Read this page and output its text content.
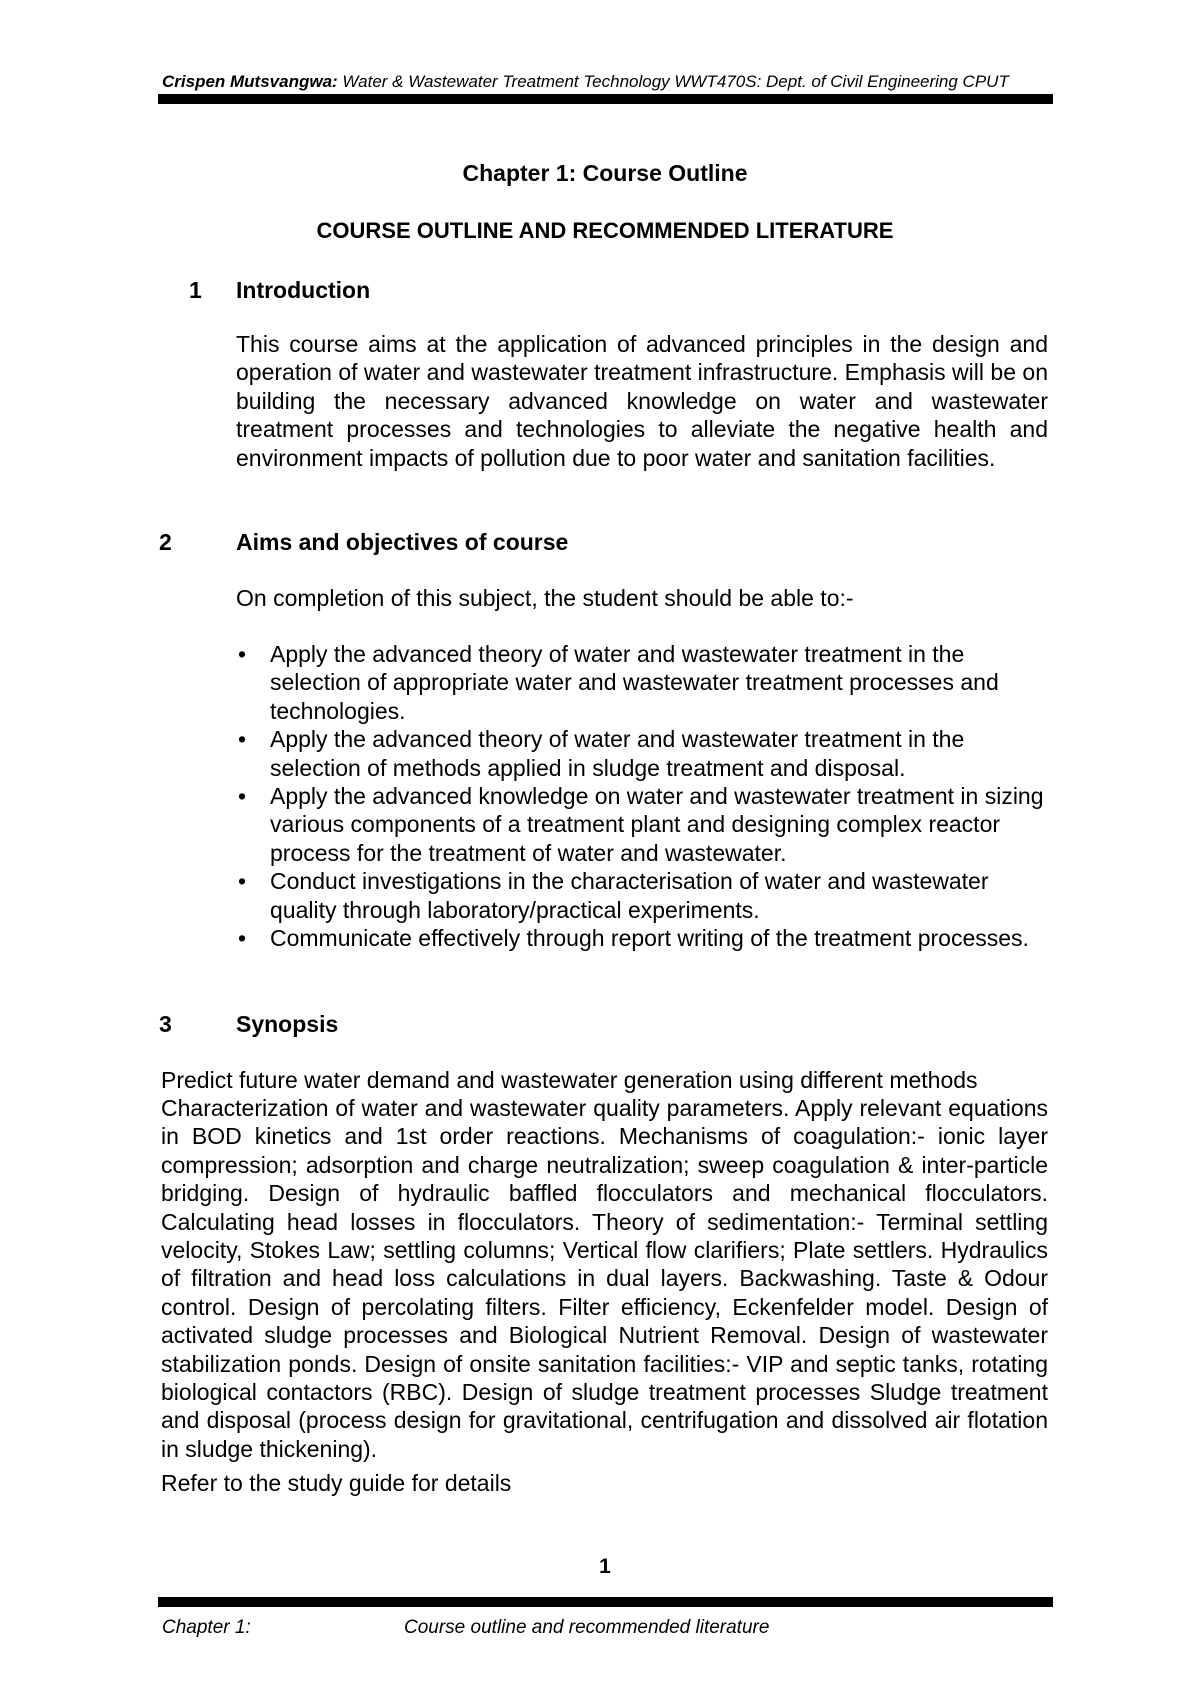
Crispen Mutsvangwa: Water & Wastewater Treatment Technology WWT470S: Dept. of Civil Engineering CPUT
Chapter 1: Course Outline
COURSE OUTLINE AND RECOMMENDED LITERATURE
1 Introduction

This course aims at the application of advanced principles in the design and operation of water and wastewater treatment infrastructure. Emphasis will be on building the necessary advanced knowledge on water and wastewater treatment processes and technologies to alleviate the negative health and environment impacts of pollution due to poor water and sanitation facilities.

2	Aims and objectives of course

On completion of this subject, the student should be able to:-

• Apply the advanced theory of water and wastewater treatment in the selection of appropriate water and wastewater treatment processes and technologies.
• Apply the advanced theory of water and wastewater treatment in the selection of methods applied in sludge treatment and disposal.
• Apply the advanced knowledge on water and wastewater treatment in sizing various components of a treatment plant and designing complex reactor process for the treatment of water and wastewater.
• Conduct investigations in the characterisation of water and wastewater quality through laboratory/practical experiments.
• Communicate effectively through report writing of the treatment processes.
3	Synopsis

Predict future water demand and wastewater generation using different methods

Characterization of water and wastewater quality parameters. Apply relevant equations in BOD kinetics and 1st order reactions. Mechanisms of coagulation:- ionic layer compression; adsorption and charge neutralization; sweep coagulation & inter-particle bridging. Design of hydraulic baffled flocculators and mechanical flocculators. Calculating head losses in flocculators. Theory of sedimentation:- Terminal settling velocity, Stokes Law; settling columns; Vertical flow clarifiers; Plate settlers. Hydraulics of filtration and head loss calculations in dual layers. Backwashing. Taste & Odour control. Design of percolating filters. Filter efficiency, Eckenfelder model. Design of activated sludge processes and Biological Nutrient Removal. Design of wastewater stabilization ponds. Design of onsite sanitation facilities:- VIP and septic tanks, rotating biological contactors (RBC). Design of sludge treatment processes Sludge treatment and disposal (process design for gravitational, centrifugation and dissolved air flotation in sludge thickening).

Refer to the study guide for details

1
Chapter 1:	Course outline and recommended literature
